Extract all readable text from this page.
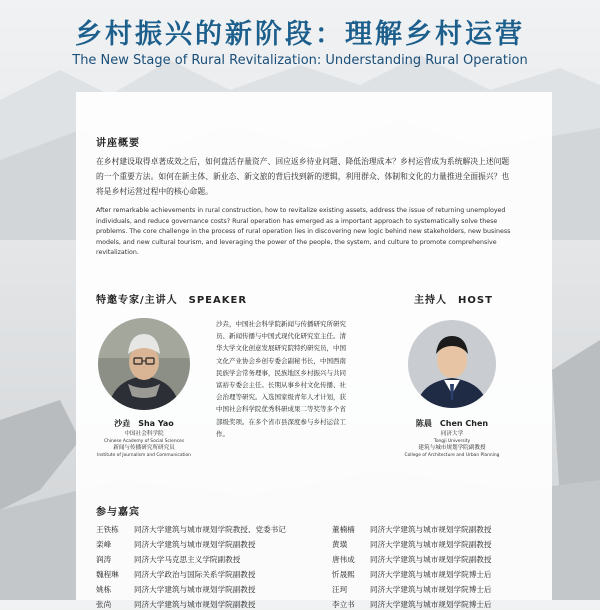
乡村振兴的新阶段：理解乡村运营
The New Stage of Rural Revitalization: Understanding Rural Operation
讲座概要
在乡村建设取得卓著成效之后，如何盘活存量资产、回应返乡待业问题、降低治理成本？乡村运营成为系统解决上述问题的一个重要方法。如何在新主体、新业态、新文旅的背后找到新的逻辑，利用群众、体制和文化的力量推进全面振兴？也将是乡村运营过程中的核心命题。
After remarkable achievements in rural construction, how to revitalize existing assets, address the issue of returning unemployed individuals, and reduce governance costs? Rural operation has emerged as a important approach to systematically solve these problems. The core challenge in the process of rural operation lies in discovering new logic behind new stakeholders, new business models, and new cultural tourism, and leveraging the power of the people, the system, and culture to promote comprehensive revitalization.
特邀专家/主讲人　SPEAKER
沙垚，中国社会科学院新闻与传播研究所研究员、新闻传播与中国式现代化研究室主任。清华大学文化创意发展研究院特约研究员，中国文化产业协会乡创专委会副秘书长，中国西南民族学会常务理事，民族地区乡村振兴与共同富裕专委会主任。长期从事乡村文化传播、社会治理等研究。入选国家级青年人才计划，获中国社会科学院优秀科研成果二等奖等多个省部级奖项。在多个省市县深度参与乡村运营工作。
沙垚　Sha Yao
中国社会科学院
Chinese Academy of Social Sciences
新闻与传播研究所研究员
Institute of Journalism and Communication
主持人　HOST
陈晨　Chen Chen
同济大学
Tongji University
建筑与城市规划学院副教授
College of Architecture and Urban Planning
参与嘉宾
王铁栋 同济大学建筑与城市规划学院教授、党委书记
栾峰	同济大学建筑与城市规划学院副教授
润涛	同济大学马克思主义学院副教授
魏程琳 同济大学政治与国际关系学院副教授
姚栋	同济大学建筑与城市规划学院副教授
张尚	同济大学建筑与城市规划学院副教授
董楠楠 同济大学建筑与城市规划学院副教授
黄璜	同济大学建筑与城市规划学院副教授
唐伟成 同济大学建筑与城市规划学院副教授
忻晟熙 同济大学建筑与城市规划学院博士后
汪珂	同济大学建筑与城市规划学院博士后
李立书 同济大学建筑与城市规划学院博士后
